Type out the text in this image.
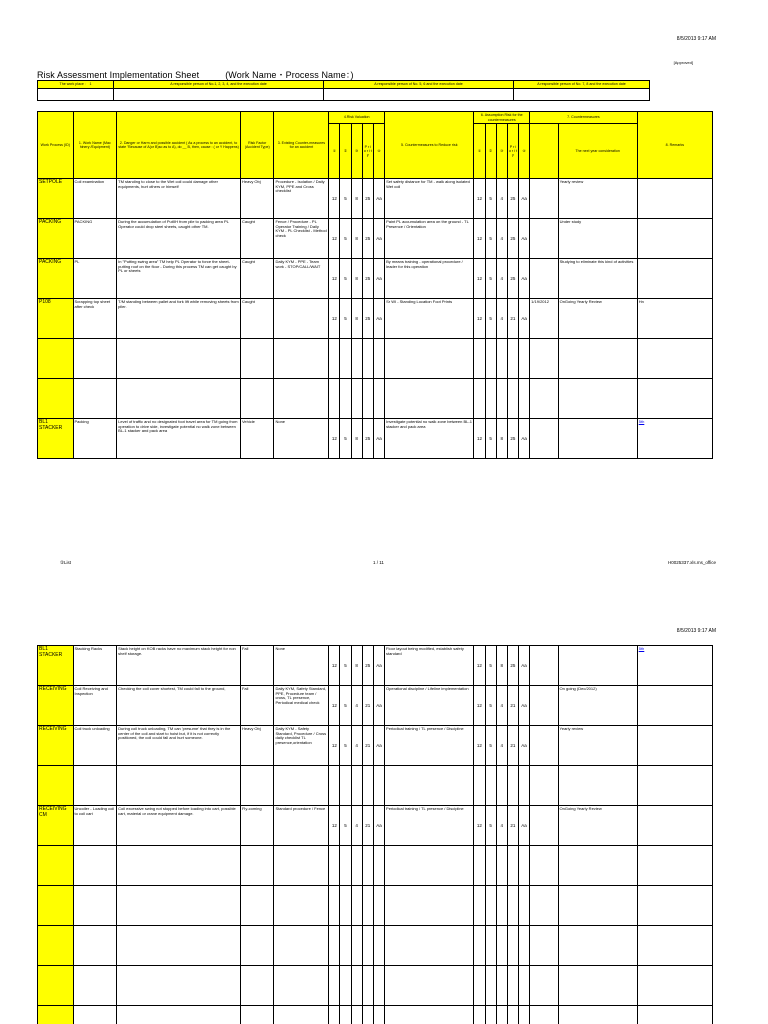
8/5/2013 9:17 AM
[Approved]
Risk Assessment Implementation Sheet	(Work Name・Process Name：)
The work place ： 1	A responsible person of No.1, 2, 3, 4, and the execution date	A responsible person of No. 5, 6 and the execution date	A responsible person of No. 7, 8 and the execution date

Work Process (ID)	1. Work Name (Mac hinery /Equipment)	2. Danger or Harm and possible accident ( As a process to an accident, to state "Because of A(or B)so as to A), do __ B, then, cause : ( or Y Happens)	Risk Factor (Accident Type)	3. Existing Counter-measures for an accident	4.Risk Valuation					5. Countermeasures to Reduce risk	6. Assumption Risk for the countermeasures					7. Countermeasures		8. Remarks
					①	②	③	P r i o r i t y	④		①	②	③	P r i o r i t y	④		The next year consideration	
SETPOLE	Coil examination	TM standing to close to the Wet coil could damage other equipments, hurt others or himself	Heavy Obj	Procedure - Isolation / Daily KYM, PPE and Cross checklist	12	5	8	25	Aa	Set safety distance for TM - walk along isolated Wet coil	12	5	4	25	Aa		Yearly review	
PACKING	PACKING	During the accumulation of PutIIH from pile to packing area PL Operator could drop steel sheets, caught other TM.	Caught	Fence / Procedure - PL Operator Training / Daily KYM - PL Checklist - Method check	12	5	8	25	Aa	Paint PL accumulation area on the ground - TL Presence / Orientation	12	5	4	25	Aa		Under study	
PACKING	PL	In "Putting swing area" TM help PL Operator to force the sheet-putting roof on the floor - During this process TM can get caught by PL or sheets	Caught	Daily KYM - PPE - Team work - STOP/CALL/WAIT	12	5	8	25	Aa	By means training - operational procedure / leader for this operation	12	5	4	25	Aa		Studying to eliminate this kind of activities	
P108	Scrapping top sheet after check	T/M standing between pallet and fork lift while removing sheets from piler.	Caught		12	5	8	25	Aa	Sr WI - Standing Location Foot Prints	12	5	4	21	Aa	1/19/2012	OnGoing Yearly Review	Hn

BL1 STACKER	Packing	Level of traffic and no designated foot travel area for TM going from operation to drive side, investigate potential no walk zone between BL-1 stacker and pack area	Vehicle	None	12	5	8	25	Aa	Investigate potential no walk zone between BL-1 stacker and pack area	12	5	8	25	Aa			5th
②List	1 / 11	H0025337.xls.ms_office
8/5/2013 9:17 AM
BL1 STACKER	Stacking Racks	Stack height on KOB racks have no maximum stack height for non shelf storage.	Fall	None	12	5	8	25	Aa	Floor layout being modified, establish safety standard	12	5	8	25	Aa			5th
RECEIVING	Coil Receiving and Inspection	Checking the coil cover shortest, TM could fall to the ground,	Fall	Daily KYM, Safety Standard, PPE, Procedure team / cross, TL presence, Periodical medical check	12	5	4	21	Aa	Operational discipline / Lifeline implementation	12	5	4	21	Aa		On going (Dec/2012)	
RECEIVING	Coil truck unloading	During coil truck unloading, TM can 'presume' that they is in the center of the coil and start to hoist but, if it is not correctly positioned, the coil could fall and hurt someone.	Heavy Obj	Daily KYM - Safety Standard, Procedure / Cross daily checklist TL presence,orientation	12	5	4	21	Aa	Periodical training / TL presence / Discipline	12	5	4	21	Aa		Yearly review	

RECEIVING CM	Uncoiler - Loading coil to coil cart	Coil excessive swing not stopped before loading into cart, possible cart, material or crane equipment damage.	Fly-coming	Standard procedure / Fence	12	5	4	21	Aa	Periodical training / TL presence / Discipline	12	5	4	21	Aa		OnGoing Yearly Review	
